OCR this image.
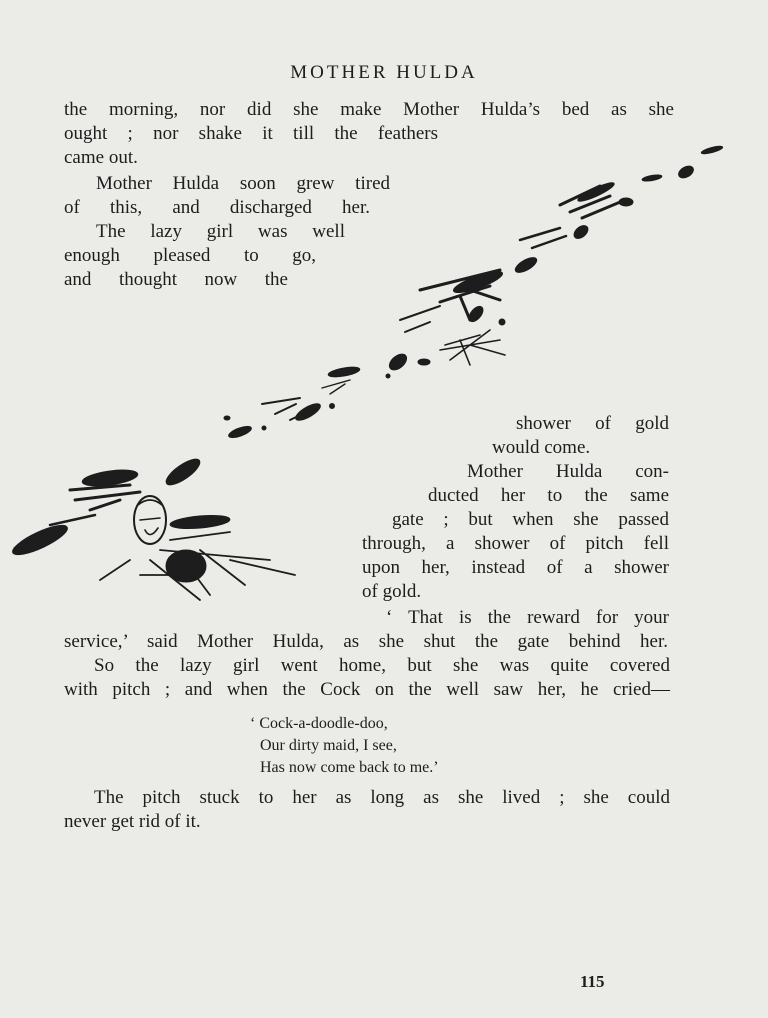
MOTHER HULDA
the morning, nor did she make Mother Hulda’s bed as she
ought ; nor shake it till the feathers
came out.
Mother Hulda soon grew tired
of this, and discharged her.
The lazy girl was well
enough pleased to go,
and thought now the
shower of gold
would come.
Mother Hulda con-
ducted her to the same
gate ; but when she passed
through, a shower of pitch fell
upon her, instead of a shower
of gold.
‘ That is the reward for your
service,’ said Mother Hulda, as she shut the gate behind her.
So the lazy girl went home, but she was quite covered
with pitch ; and when the Cock on the well saw her, he cried—
‘ Cock-a-doodle-doo,
Our dirty maid, I see,
Has now come back to me.’
The pitch stuck to her as long as she lived ; she could
never get rid of it.
115
